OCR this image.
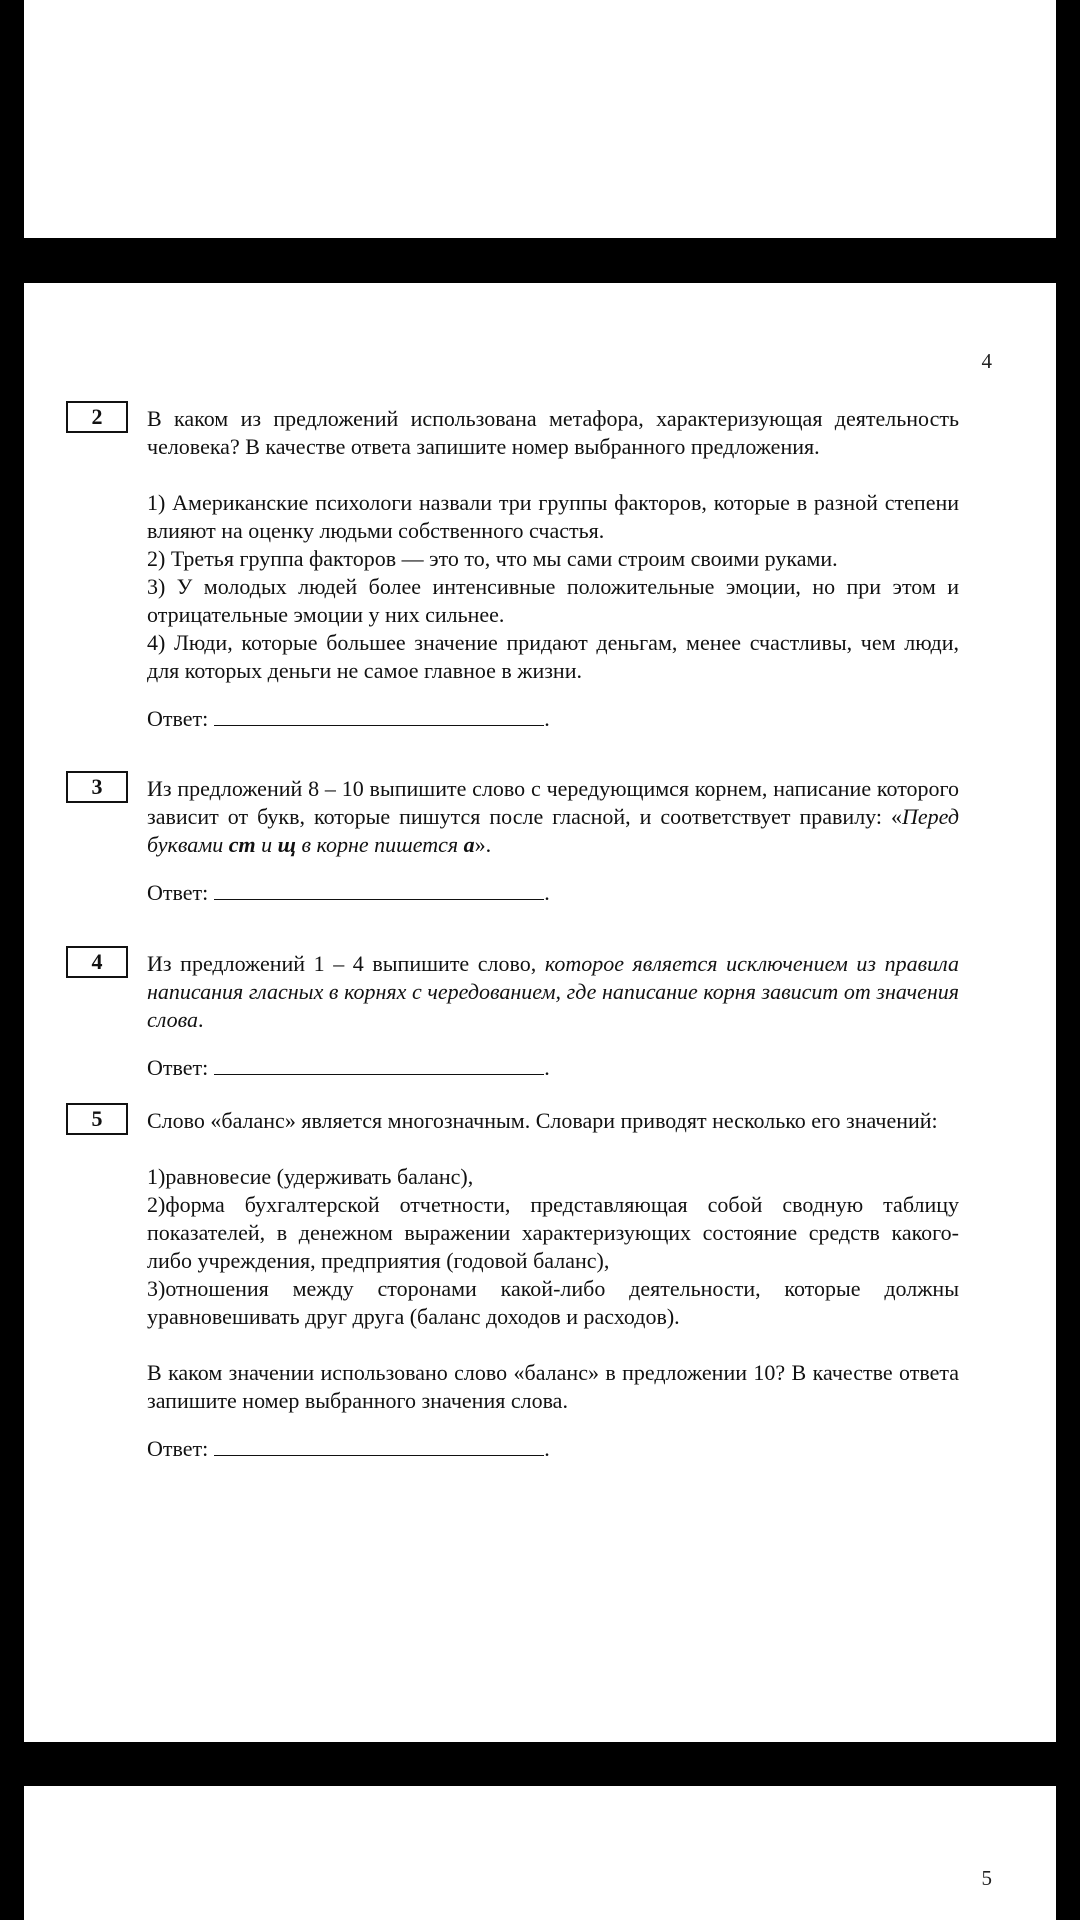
4
2	В каком из предложений использована метафора, характеризующая деятельность человека? В качестве ответа запишите номер выбранного предложения.
1) Американские психологи назвали три группы факторов, которые в разной степени влияют на оценку людьми собственного счастья.
2) Третья группа факторов — это то, что мы сами строим своими руками.
3) У молодых людей более интенсивные положительные эмоции, но при этом и отрицательные эмоции у них сильнее.
4) Люди, которые большее значение придают деньгам, менее счастливы, чем люди, для которых деньги не самое главное в жизни.
Ответ:	.
3	Из предложений 8 – 10 выпишите слово с чередующимся корнем, написание которого зависит от букв, которые пишутся после гласной, и соответствует правилу: «Перед буквами ст и щ в корне пишется а».
Ответ:	.
4	Из предложений 1 – 4 выпишите слово, которое является исключением из правила написания гласных в корнях с чередованием, где написание корня зависит от значения слова.
Ответ:	.
5	Слово «баланс» является многозначным. Словари приводят несколько его значений:
1)равновесие (удерживать баланс),
2)форма бухгалтерской отчетности, представляющая собой сводную таблицу показателей, в денежном выражении характеризующих состояние средств какого-либо учреждения, предприятия (годовой баланс),
3)отношения между сторонами какой-либо деятельности, которые должны уравновешивать друг друга (баланс доходов и расходов).
В каком значении использовано слово «баланс» в предложении 10? В качестве ответа запишите номер выбранного значения слова.
Ответ:	.
5
